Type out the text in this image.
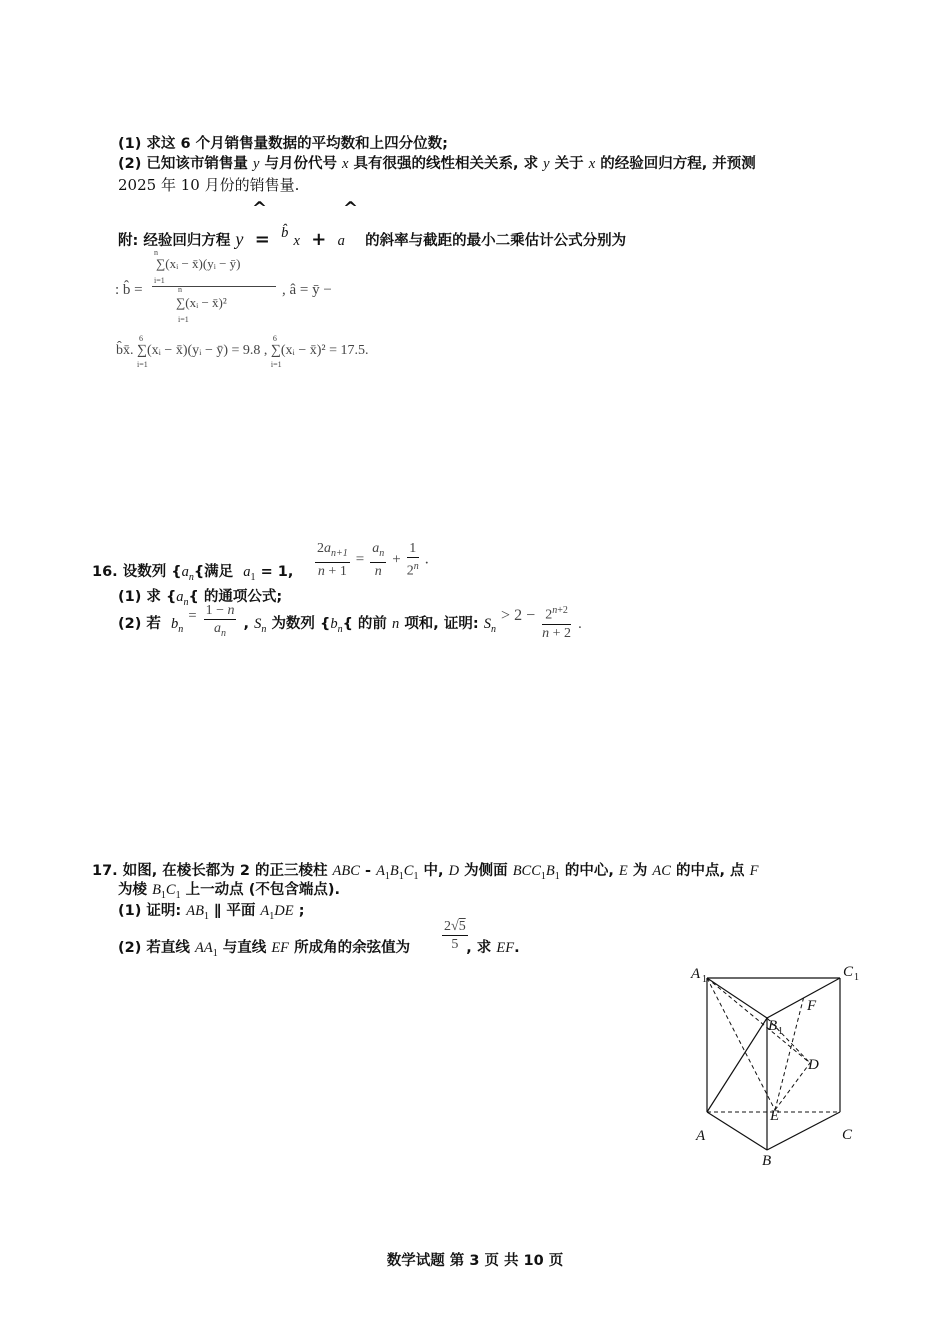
(1) 求这 6 个月销售量数据的平均数和上四分位数;
(2) 已知该市销售量 y 与月份代号 x 具有很强的线性相关关系, 求 y 关于 x 的经验回归方程, 并预测
2025 年 10 月份的销售量.
^	^
附: 经验回归方程 y  =  b̂ x  +  a 的斜率与截距的最小二乘估计公式分别为
: b̂ =
n
∑(xᵢ − x̄)(yᵢ − ȳ)
i=1
n
∑(xᵢ − x̄)²
i=1
, â = ȳ −
b̂x̄.
6
i=1
∑(xᵢ − x̄)(yᵢ − ȳ) = 9.8 ,
6
i=1
∑(xᵢ − x̄)² = 17.5.
$\frac{2a_{n+1}}{n + 1} = \frac{a_n}{n} + \frac{1}{2^n}$ .
16. 设数列 {$a_n${满足 $a_1 = 1$,
(1) 求 {$a_n${ 的通项公式;
(2) 若 $b_n = \frac{1 - n}{a_n}$ , $S_n$ 为数列 {$b_n${ 的前 n 项和, 证明: $S_n > 2 - \frac{2^{n+2}}{n + 2}$ .
17. 如图, 在棱长都为 2 的正三棱柱 ABC - $A_1B_1C_1$ 中, D 为侧面 $BCC_1B_1$ 的中心, E 为 AC 的中点, 点 F
为棱 $B_1C_1$ 上一动点 (不包含端点).
(1) 证明: $AB_1$ ∥ 平面 $A_1DE$ ;
$\frac{2√5}{5}$
(2) 若直线 $AA_1$ 与直线 EF 所成角的余弦值为	, 求 EF.
A 1	C 1
B 1
F
D
E
A	C
B
数学试题 第 3 页 共 10 页
